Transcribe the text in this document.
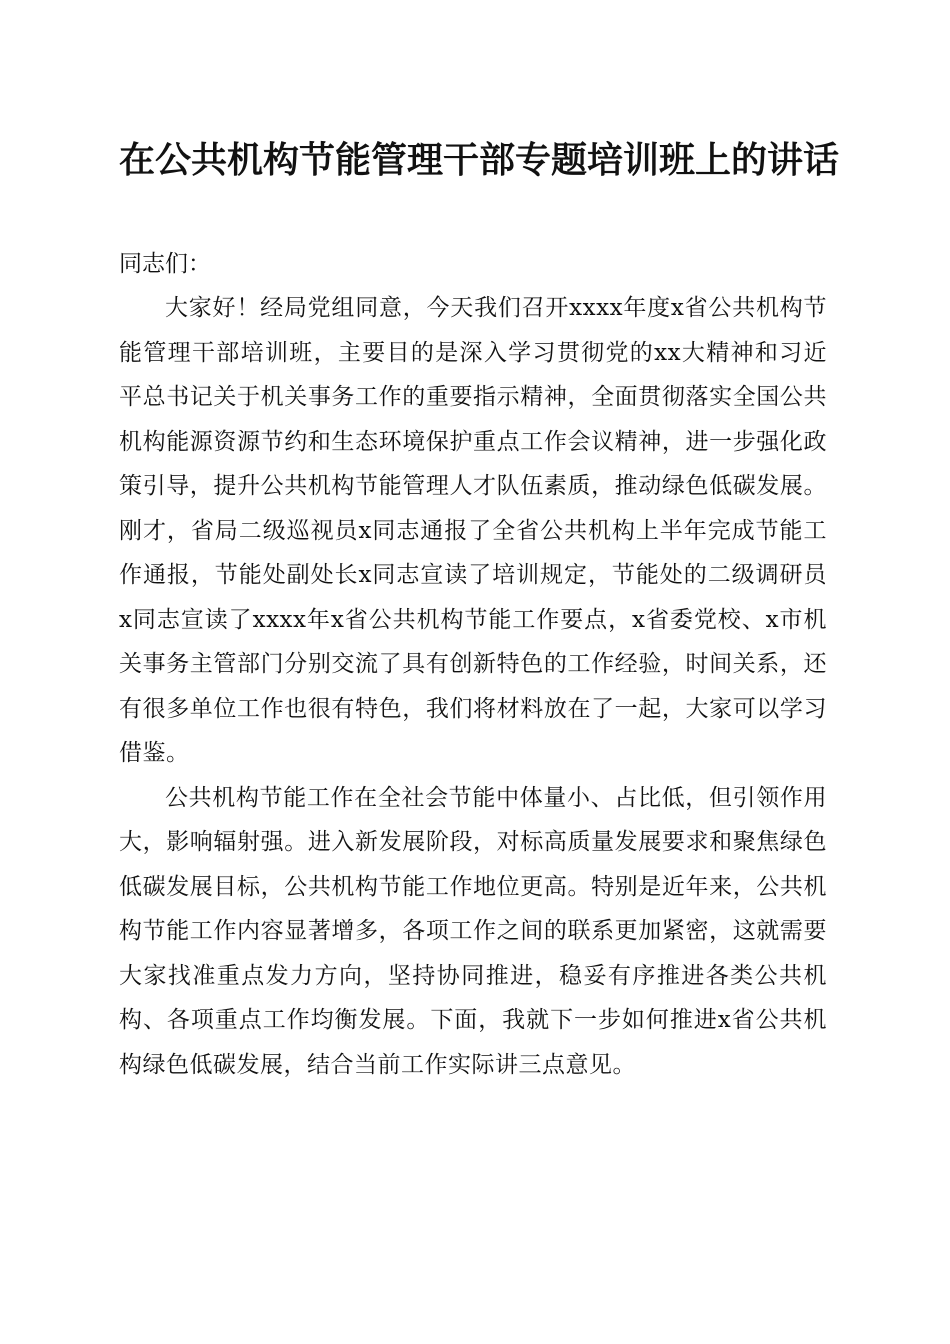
在公共机构节能管理干部专题培训班上的讲话

同志们：

大家好！经局党组同意，今天我们召开xxxx年度x省公共机构节能管理干部培训班，主要目的是深入学习贯彻党的xx大精神和习近平总书记关于机关事务工作的重要指示精神，全面贯彻落实全国公共机构能源资源节约和生态环境保护重点工作会议精神，进一步强化政策引导，提升公共机构节能管理人才队伍素质，推动绿色低碳发展。刚才，省局二级巡视员x同志通报了全省公共机构上半年完成节能工作通报，节能处副处长x同志宣读了培训规定，节能处的二级调研员x同志宣读了xxxx年x省公共机构节能工作要点，x省委党校、x市机关事务主管部门分别交流了具有创新特色的工作经验，时间关系，还有很多单位工作也很有特色，我们将材料放在了一起，大家可以学习借鉴。

公共机构节能工作在全社会节能中体量小、占比低，但引领作用大，影响辐射强。进入新发展阶段，对标高质量发展要求和聚焦绿色低碳发展目标，公共机构节能工作地位更高。特别是近年来，公共机构节能工作内容显著增多，各项工作之间的联系更加紧密，这就需要大家找准重点发力方向，坚持协同推进，稳妥有序推进各类公共机构、各项重点工作均衡发展。下面，我就下一步如何推进x省公共机构绿色低碳发展，结合当前工作实际讲三点意见。
